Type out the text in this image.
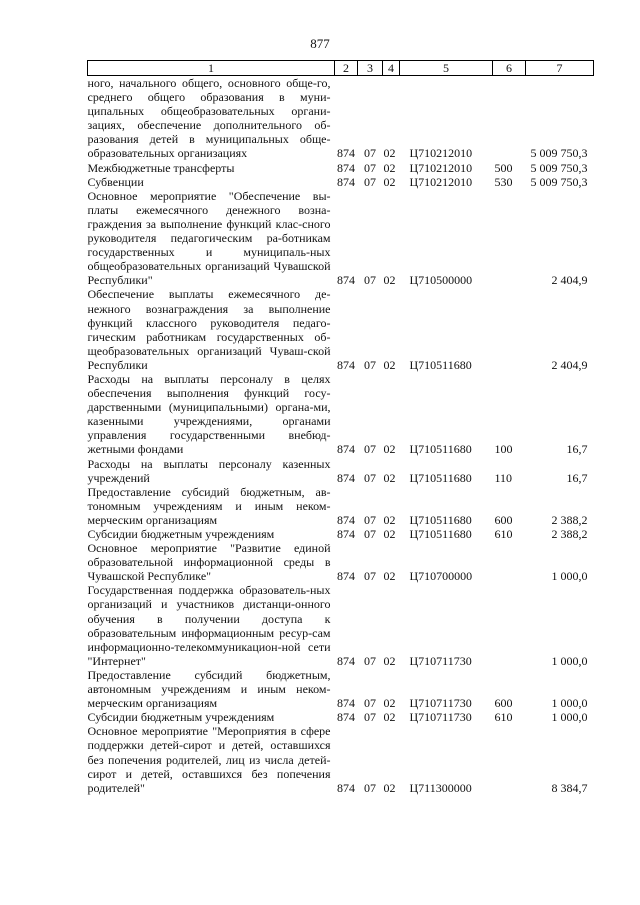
877
1	2	3	4	5	6	7
ного, начального общего, основного обще-го, среднего общего образования в муни-ципальных общеобразовательных органи-зациях, обеспечение дополнительного об-разования детей в муниципальных обще-образовательных организациях	874	07	02	Ц710212010		5 009 750,3
Межбюджетные трансферты	874	07	02	Ц710212010	500	5 009 750,3
Субвенции	874	07	02	Ц710212010	530	5 009 750,3
Основное мероприятие "Обеспечение вы-платы ежемесячного денежного возна-граждения за выполнение функций клас-сного руководителя педагогическим ра-ботникам государственных и муниципаль-ных общеобразовательных организаций Чувашской Республики"	874	07	02	Ц710500000		2 404,9
Обеспечение выплаты ежемесячного де-нежного вознаграждения за выполнение функций классного руководителя педаго-гическим работникам государственных об-щеобразовательных организаций Чуваш-ской Республики	874	07	02	Ц710511680		2 404,9
Расходы на выплаты персоналу в целях обеспечения выполнения функций госу-дарственными (муниципальными) органа-ми, казенными учреждениями, органами управления государственными внебюд-жетными фондами	874	07	02	Ц710511680	100	16,7
Расходы на выплаты персоналу казенных учреждений	874	07	02	Ц710511680	110	16,7
Предоставление субсидий бюджетным, ав-тономным учреждениям и иным неком-мерческим организациям	874	07	02	Ц710511680	600	2 388,2
Субсидии бюджетным учреждениям	874	07	02	Ц710511680	610	2 388,2
Основное мероприятие "Развитие единой образовательной информационной среды в Чувашской Республике"	874	07	02	Ц710700000		1 000,0
Государственная поддержка образователь-ных организаций и участников дистанци-онного обучения в получении доступа к образовательным информационным ресур-сам информационно-телекоммуникацион-ной сети "Интернет"	874	07	02	Ц710711730		1 000,0
Предоставление субсидий бюджетным, автономным учреждениям и иным неком-мерческим организациям	874	07	02	Ц710711730	600	1 000,0
Субсидии бюджетным учреждениям	874	07	02	Ц710711730	610	1 000,0
Основное мероприятие "Мероприятия в сфере поддержки детей-сирот и детей, оставшихся без попечения родителей, лиц из числа детей-сирот и детей, оставшихся без попечения родителей"	874	07	02	Ц711300000		8 384,7
